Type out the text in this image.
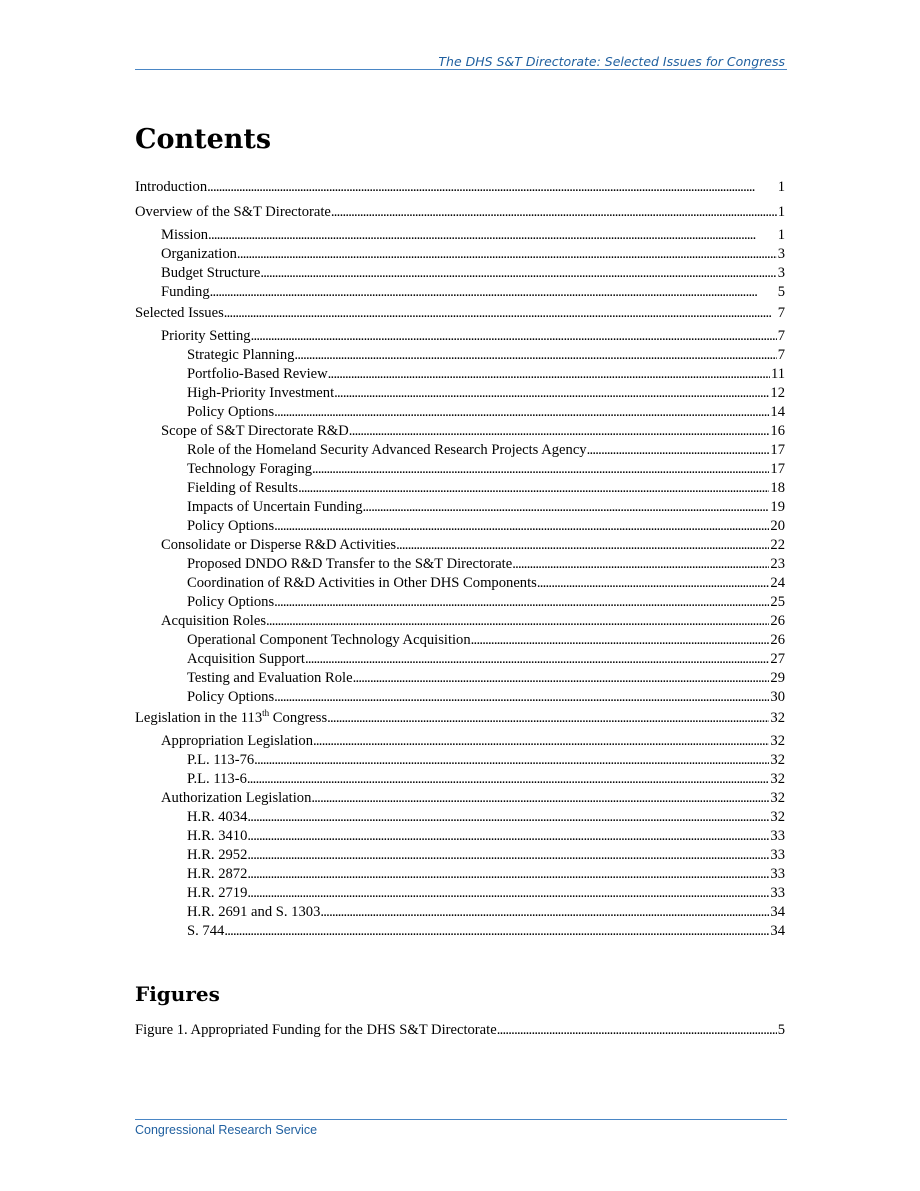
The DHS S&T Directorate: Selected Issues for Congress
Contents
Introduction . . .	1
Overview of the S&T Directorate . . .	1
Mission . . .	1
Organization . . .	3
Budget Structure . . .	3
Funding . . .	5
Selected Issues . . .	7
Priority Setting . . .	7
Strategic Planning . . .	7
Portfolio-Based Review . . .	11
High-Priority Investment . . .	12
Policy Options . . .	14
Scope of S&T Directorate R&D . . .	16
Role of the Homeland Security Advanced Research Projects Agency . . .	17
Technology Foraging . . .	17
Fielding of Results . . .	18
Impacts of Uncertain Funding . . .	19
Policy Options . . .	20
Consolidate or Disperse R&D Activities . . .	22
Proposed DNDO R&D Transfer to the S&T Directorate . . .	23
Coordination of R&D Activities in Other DHS Components . . .	24
Policy Options . . .	25
Acquisition Roles . . .	26
Operational Component Technology Acquisition . . .	26
Acquisition Support . . .	27
Testing and Evaluation Role . . .	29
Policy Options . . .	30
Legislation in the 113th Congress . . .	32
Appropriation Legislation . . .	32
P.L. 113-76 . . .	32
P.L. 113-6 . . .	32
Authorization Legislation . . .	32
H.R. 4034 . . .	32
H.R. 3410 . . .	33
H.R. 2952 . . .	33
H.R. 2872 . . .	33
H.R. 2719 . . .	33
H.R. 2691 and S. 1303 . . .	34
S. 744 . . .	34
Figures
Figure 1. Appropriated Funding for the DHS S&T Directorate . . .	5
Congressional Research Service
